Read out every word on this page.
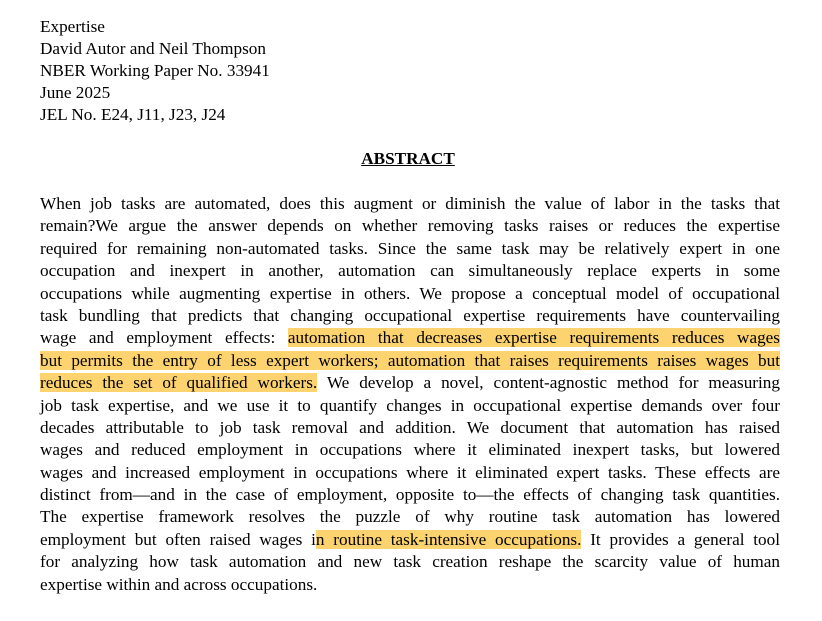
Expertise
David Autor and Neil Thompson
NBER Working Paper No. 33941
June 2025
JEL No. E24, J11, J23, J24
ABSTRACT
When job tasks are automated, does this augment or diminish the value of labor in the tasks that
remain?We argue the answer depends on whether removing tasks raises or reduces the expertise
required for remaining non-automated tasks. Since the same task may be relatively expert in one
occupation and inexpert in another, automation can simultaneously replace experts in some
occupations while augmenting expertise in others. We propose a conceptual model of occupational
task bundling that predicts that changing occupational expertise requirements have countervailing
wage and employment effects: automation that decreases expertise requirements reduces wages
but permits the entry of less expert workers; automation that raises requirements raises wages but
reduces the set of qualified workers. We develop a novel, content-agnostic method for measuring
job task expertise, and we use it to quantify changes in occupational expertise demands over four
decades attributable to job task removal and addition. We document that automation has raised
wages and reduced employment in occupations where it eliminated inexpert tasks, but lowered
wages and increased employment in occupations where it eliminated expert tasks. These effects are
distinct from—and in the case of employment, opposite to—the effects of changing task quantities.
The expertise framework resolves the puzzle of why routine task automation has lowered
employment but often raised wages in routine task-intensive occupations. It provides a general tool
for analyzing how task automation and new task creation reshape the scarcity value of human
expertise within and across occupations.
